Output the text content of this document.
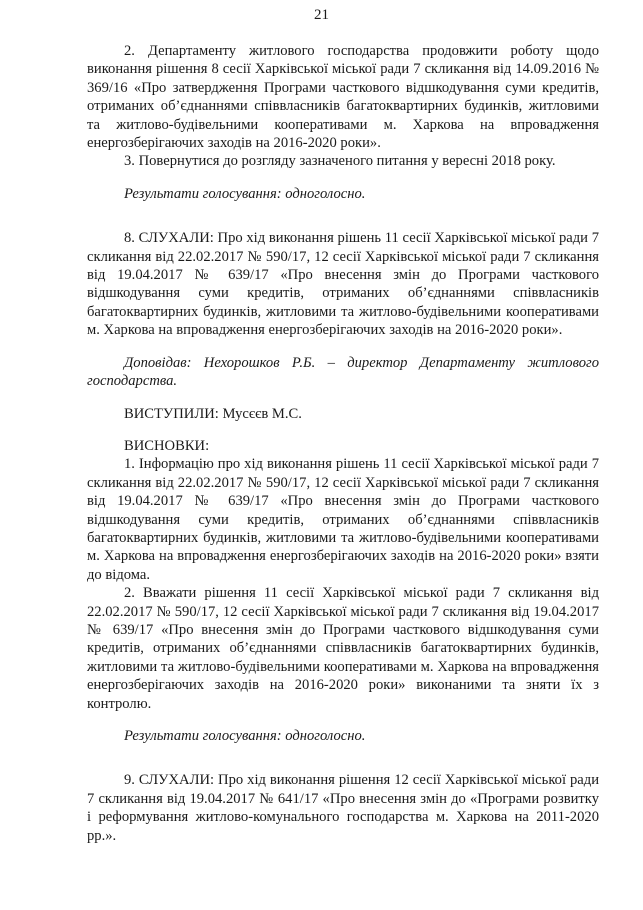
21

2. Департаменту житлового господарства продовжити роботу щодо виконання рішення 8 сесії Харківської міської ради 7 скликання від 14.09.2016 № 369/16 «Про затвердження Програми часткового відшкодування суми кредитів, отриманих об’єднаннями співвласників багатоквартирних будинків, житловими та житлово-будівельними кооперативами м. Харкова на впровадження енергозберігаючих заходів на 2016-2020 роки».

3. Повернутися до розгляду зазначеного питання у вересні 2018 року.

Результати голосування: одноголосно.

8. СЛУХАЛИ: Про хід виконання рішень 11 сесії Харківської міської ради 7 скликання від 22.02.2017 № 590/17, 12 сесії Харківської міської ради 7 скликання від 19.04.2017 № 639/17 «Про внесення змін до Програми часткового відшкодування суми кредитів, отриманих об’єднаннями співвласників багатоквартирних будинків, житловими та житлово-будівельними кооперативами м. Харкова на впровадження енергозберігаючих заходів на 2016-2020 роки».

Доповідав: Нехорошков Р.Б. – директор Департаменту житлового господарства.

ВИСТУПИЛИ: Мусєєв М.С.

ВИСНОВКИ:

1. Інформацію про хід виконання рішень 11 сесії Харківської міської ради 7 скликання від 22.02.2017 № 590/17, 12 сесії Харківської міської ради 7 скликання від 19.04.2017 № 639/17 «Про внесення змін до Програми часткового відшкодування суми кредитів, отриманих об’єднаннями співвласників багатоквартирних будинків, житловими та житлово-будівельними кооперативами м. Харкова на впровадження енергозберігаючих заходів на 2016-2020 роки» взяти до відома.

2. Вважати рішення 11 сесії Харківської міської ради 7 скликання від 22.02.2017 № 590/17, 12 сесії Харківської міської ради 7 скликання від 19.04.2017 № 639/17 «Про внесення змін до Програми часткового відшкодування суми кредитів, отриманих об’єднаннями співвласників багатоквартирних будинків, житловими та житлово-будівельними кооперативами м. Харкова на впровадження енергозберігаючих заходів на 2016-2020 роки» виконаними та зняти їх з контролю.

Результати голосування: одноголосно.

9. СЛУХАЛИ: Про хід виконання рішення 12 сесії Харківської міської ради 7 скликання від 19.04.2017 № 641/17 «Про внесення змін до «Програми розвитку і реформування житлово-комунального господарства м. Харкова на 2011-2020 рр.».
